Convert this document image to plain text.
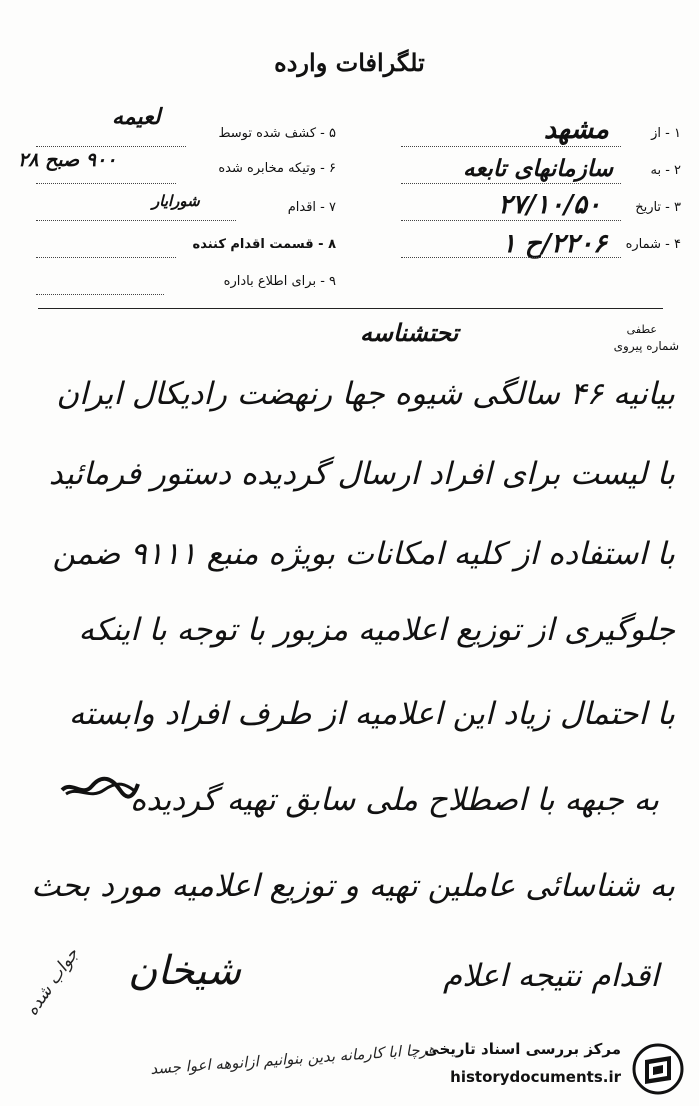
تلگرافات وارده
۱ - از
مشهد
۲ - به
سازمانهای تابعه
۳ - تاریخ
۲۷/۱۰/۵۰
۴ - شماره
۲۲۰۶/ح ۱
۵ - کشف شده توسط
لعیمه
۶ - وتیکه مخابره شده
۹۰۰ صبح ۲۸
۷ - اقدام
شورایار
۸ - قسمت اقدام کننده
۹ - برای اطلاع باداره
عطفی
شماره پیروی
تحتشناسه
بیانیه ۴۶ سالگی شیوه جها رنهضت رادیکال ایران
با لیست برای افراد ارسال گردیده دستور فرمائید
با استفاده از کلیه امکانات بویژه منبع ۹۱۱۱ ضمن
جلوگیری از توزیع اعلامیه مزبور با توجه با اینکه
با احتمال زیاد این اعلامیه از طرف افراد وابسته
به جبهه با اصطلاح ملی سابق تهیه گردیده
به شناسائی عاملین تهیه و توزیع اعلامیه مورد بحث
اقدام نتیجه اعلام
شیخان
جواب شده
هرچا ابا کارمانه بدین بنوانیم ازانوهه اعوا جسد
مرکز بررسی اسناد تاریخی
historydocuments.ir
